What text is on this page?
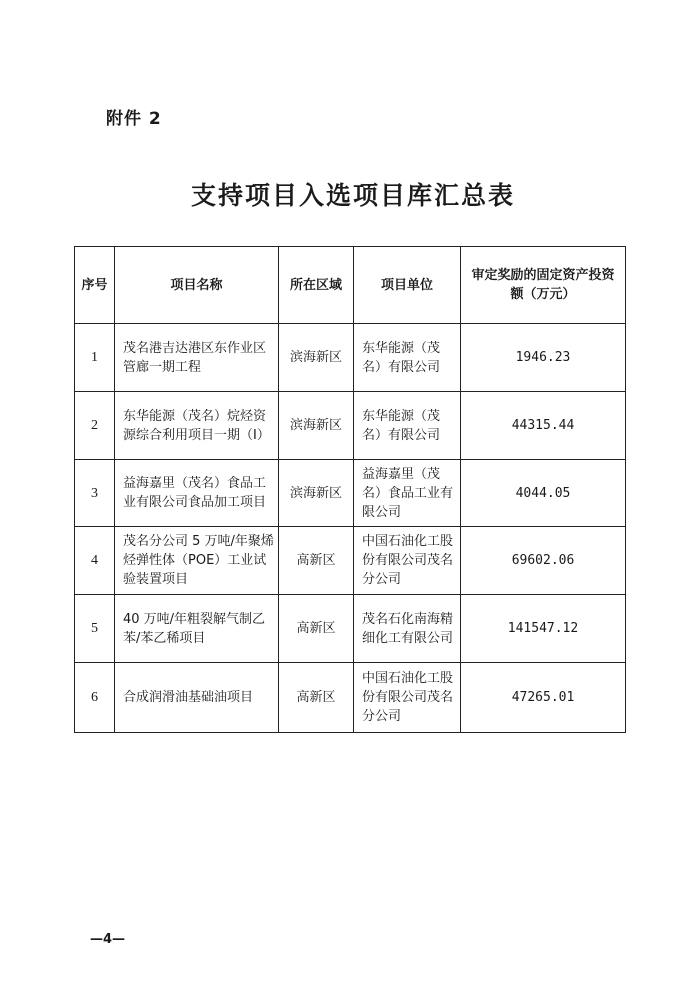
附件 2
支持项目入选项目库汇总表
序号	项目名称	所在区域	项目单位	审定奖励的固定资产投资额（万元）
1	茂名港吉达港区东作业区管廊一期工程	滨海新区	东华能源（茂名）有限公司	1946.23
2	东华能源（茂名）烷烃资源综合利用项目一期（Ⅰ）	滨海新区	东华能源（茂名）有限公司	44315.44
3	益海嘉里（茂名）食品工业有限公司食品加工项目	滨海新区	益海嘉里（茂名）食品工业有限公司	4044.05
4	茂名分公司 5 万吨/年聚烯烃弹性体（POE）工业试验装置项目	高新区	中国石油化工股份有限公司茂名分公司	69602.06
5	40 万吨/年粗裂解气制乙苯/苯乙稀项目	高新区	茂名石化南海精细化工有限公司	141547.12
6	合成润滑油基础油项目	高新区	中国石油化工股份有限公司茂名分公司	47265.01
—4—
